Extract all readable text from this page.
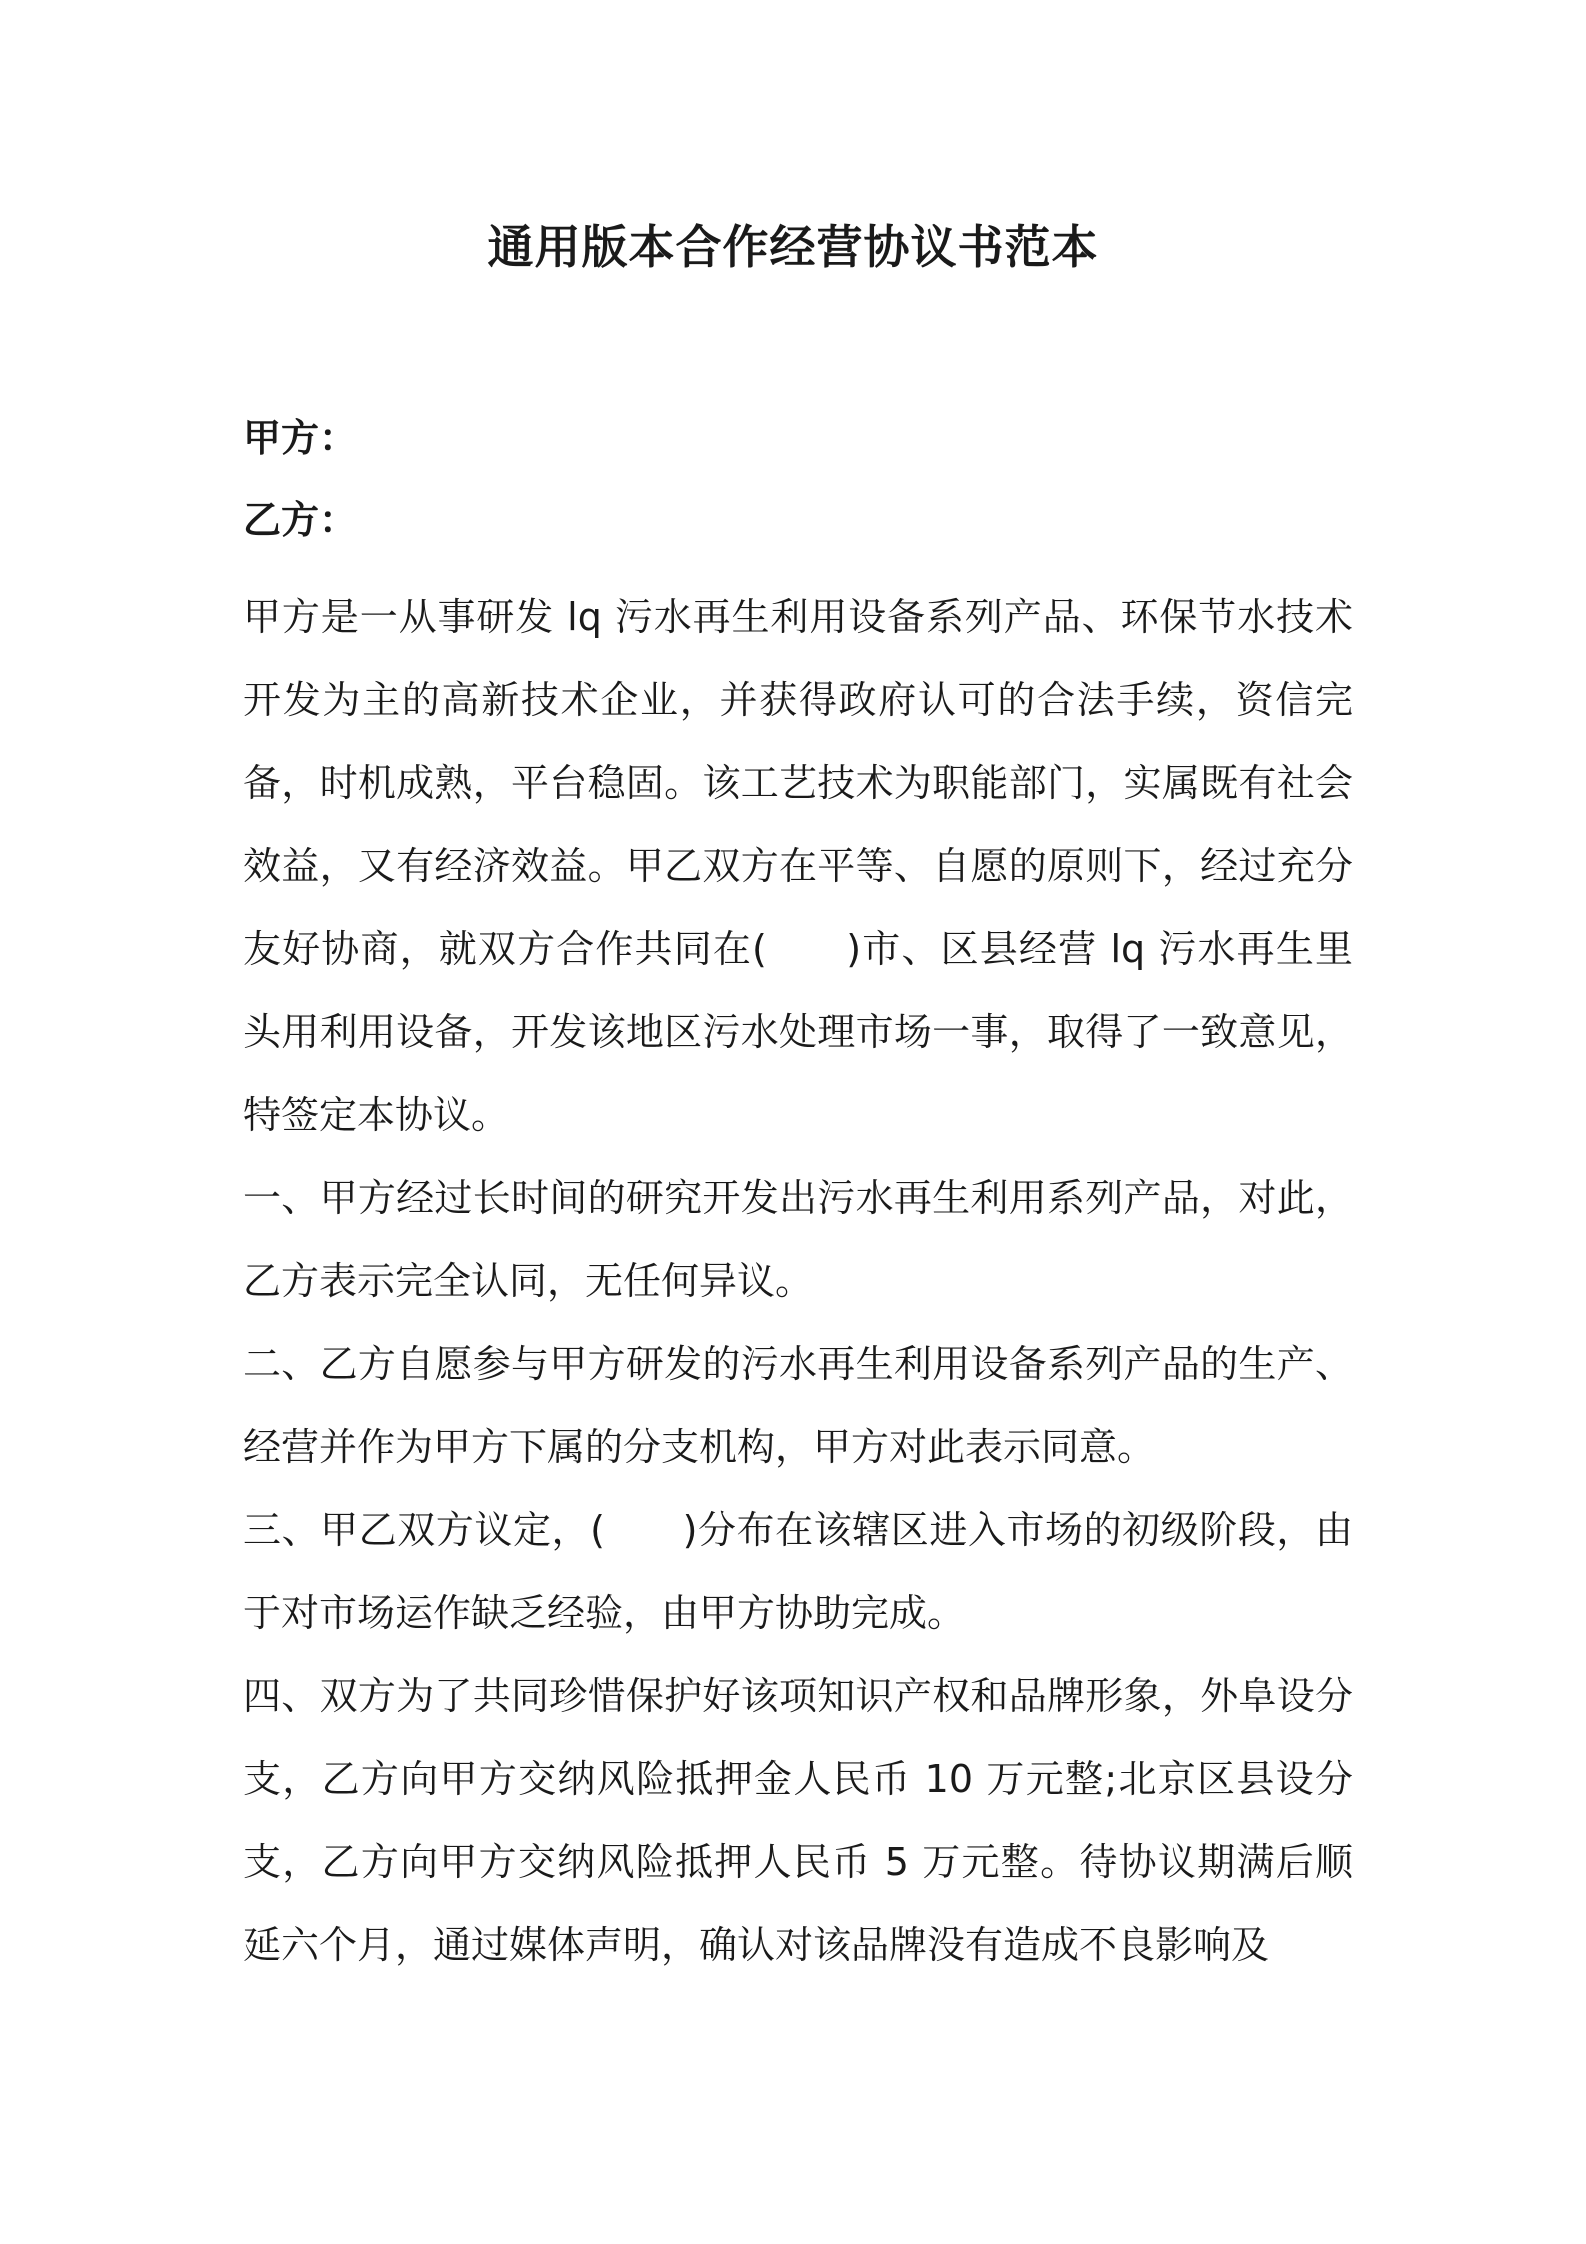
通用版本合作经营协议书范本

甲方：

乙方：

甲方是一从事研发 lq 污水再生利用设备系列产品、环保节水技术开发为主的高新技术企业，并获得政府认可的合法手续，资信完备，时机成熟，平台稳固。该工艺技术为职能部门，实属既有社会效益，又有经济效益。甲乙双方在平等、自愿的原则下，经过充分友好协商，就双方合作共同在(　　)市、区县经营 lq 污水再生里头用利用设备，开发该地区污水处理市场一事，取得了一致意见，特签定本协议。

一、甲方经过长时间的研究开发出污水再生利用系列产品，对此，乙方表示完全认同，无任何异议。

二、乙方自愿参与甲方研发的污水再生利用设备系列产品的生产、经营并作为甲方下属的分支机构，甲方对此表示同意。

三、甲乙双方议定，(　　)分布在该辖区进入市场的初级阶段，由于对市场运作缺乏经验，由甲方协助完成。

四、双方为了共同珍惜保护好该项知识产权和品牌形象，外阜设分支，乙方向甲方交纳风险抵押金人民币 10 万元整;北京区县设分支，乙方向甲方交纳风险抵押人民币 5 万元整。待协议期满后顺延六个月，通过媒体声明，确认对该品牌没有造成不良影响及
